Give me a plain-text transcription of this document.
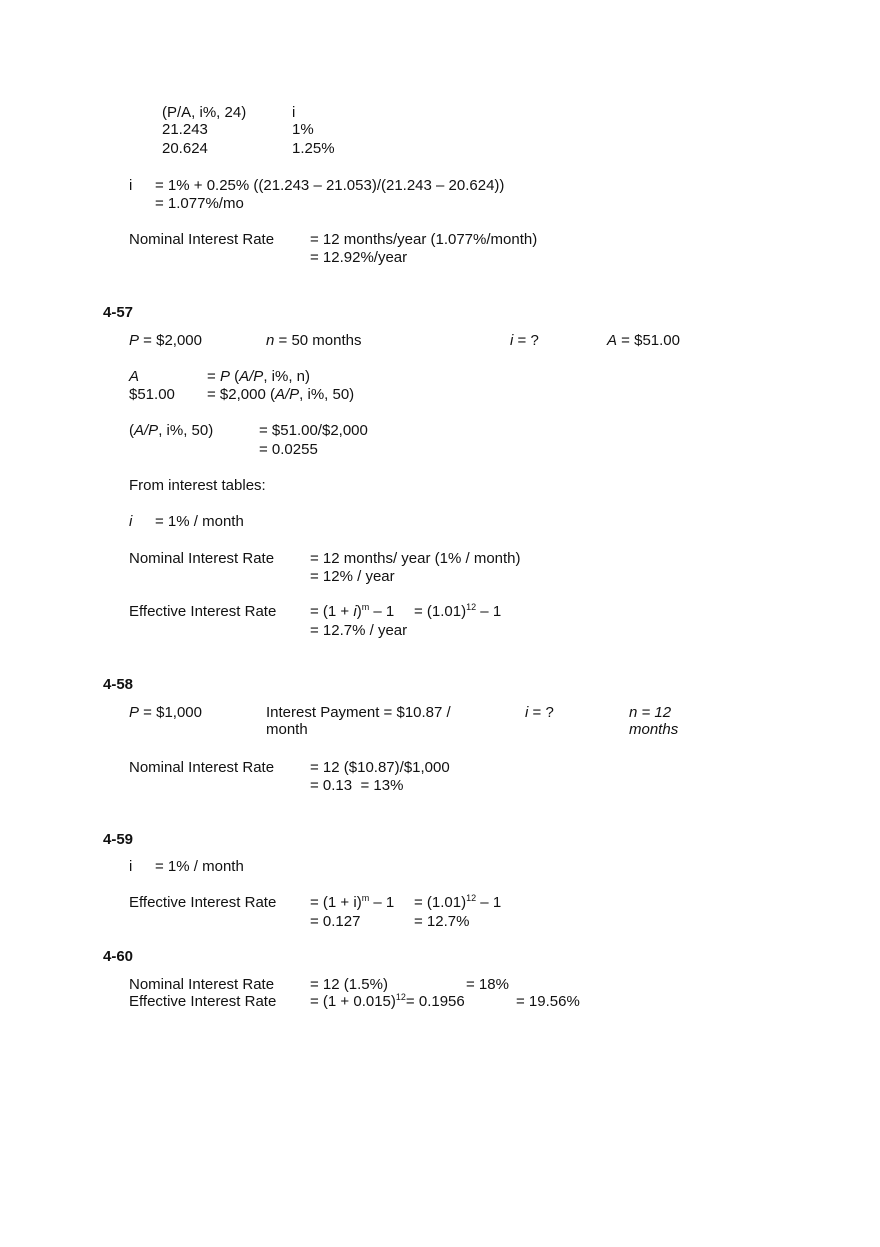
(P/A, i%, 24)	i
21.243	1%
20.624	1.25%
i = 1% + 0.25% ((21.243 – 21.053)/(21.243 – 20.624))
= 1.077%/mo
Nominal Interest Rate = 12 months/year (1.077%/month)
= 12.92%/year
4-57
P = $2,000	n = 50 months	i = ?	A = $51.00
A	= P (A/P, i%, n)
$51.00 = $2,000 (A/P, i%, 50)
(A/P, i%, 50)	= $51.00/$2,000
= 0.0255
From interest tables:
i = 1% / month
Nominal Interest Rate = 12 months/ year (1% / month)
= 12% / year
Effective Interest Rate = $(1 + i)^m - 1 = (1.01)^{12} - 1$
= 12.7% / year
4-58
P = $1,000	Interest Payment = $10.87 /
month
i = ?	n = 12
months
Nominal Interest Rate = 12 ($10.87)/$1,000
= 0.13  = 13%
4-59
i = 1% / month
Effective Interest Rate = $(1 + i)^m - 1 = (1.01)^{12} - 1$
= 0.127	= 12.7%
4-60
Nominal Interest Rate = 12 (1.5%)	= 18%
Effective Interest Rate = $(1 + 0.015)^{12}= 0.1956$	= 19.56%
